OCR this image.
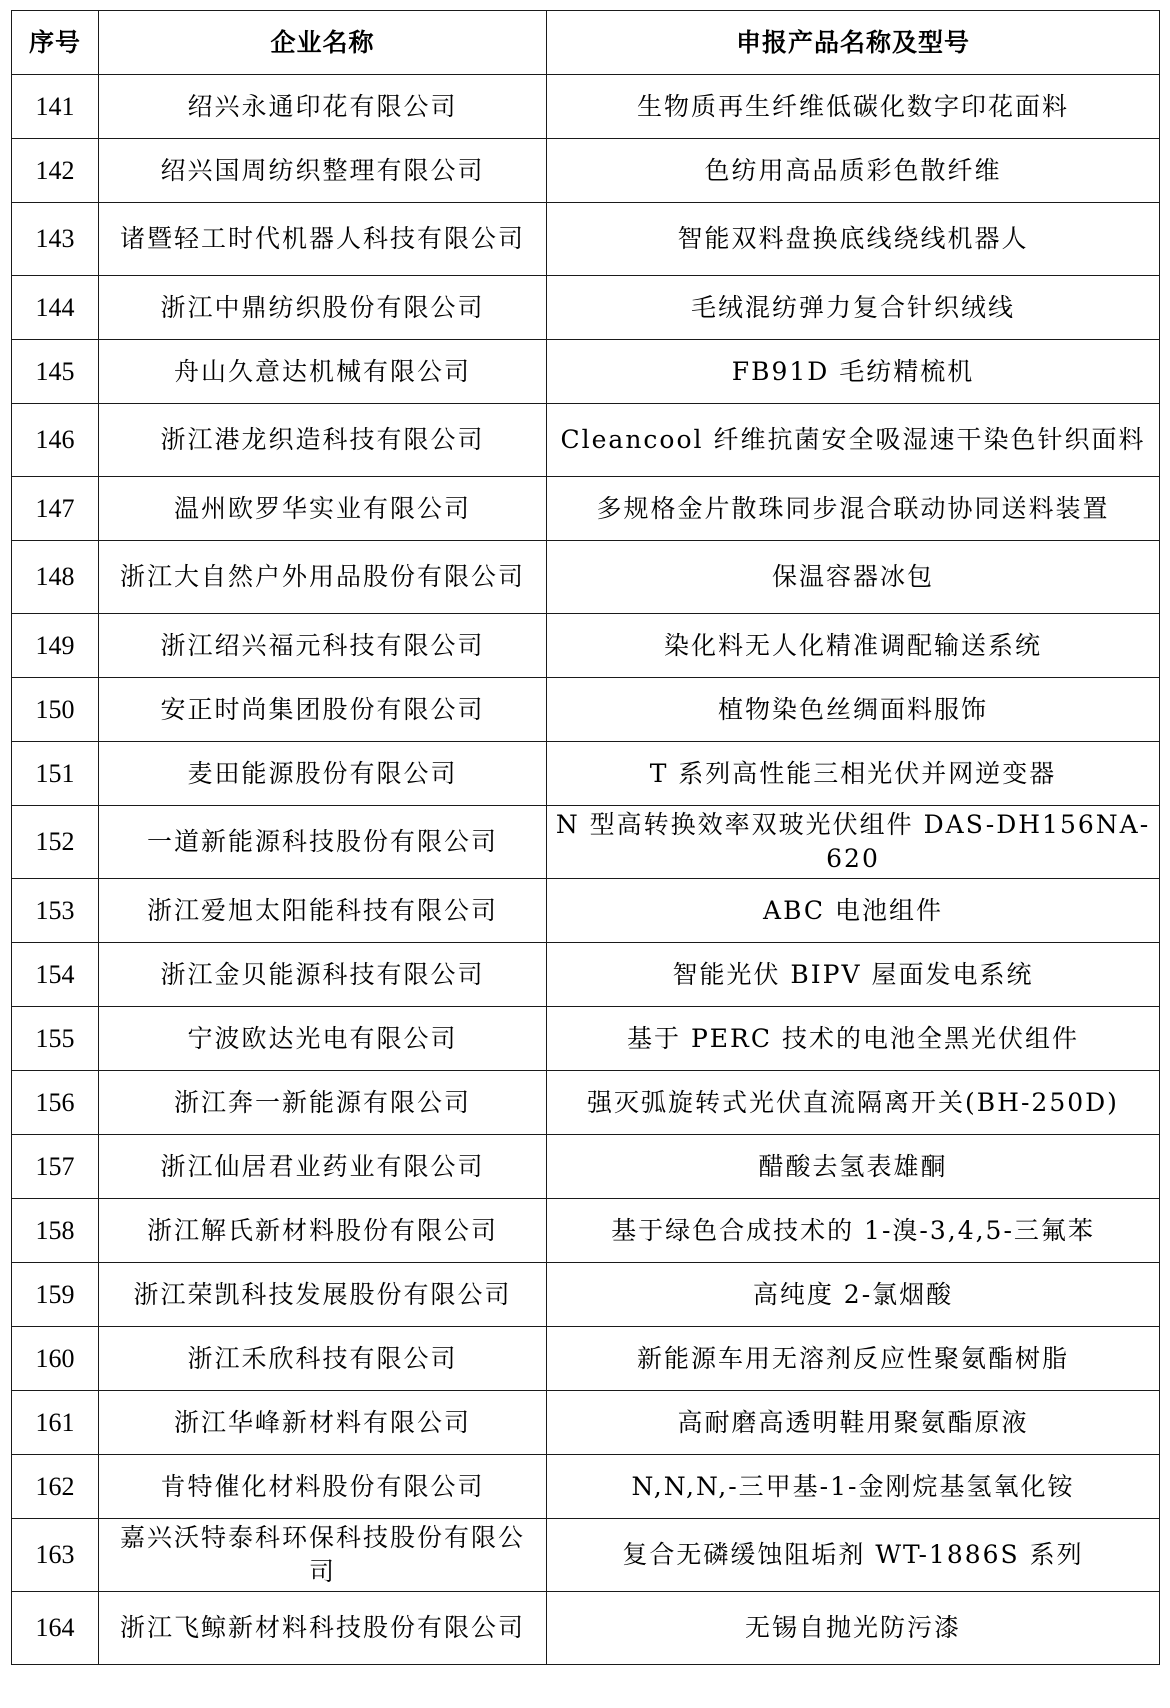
序号	企业名称	申报产品名称及型号
141	绍兴永通印花有限公司	生物质再生纤维低碳化数字印花面料
142	绍兴国周纺织整理有限公司	色纺用高品质彩色散纤维
143	诸暨轻工时代机器人科技有限公司	智能双料盘换底线绕线机器人
144	浙江中鼎纺织股份有限公司	毛绒混纺弹力复合针织绒线
145	舟山久意达机械有限公司	FB91D 毛纺精梳机
146	浙江港龙织造科技有限公司	Cleancool 纤维抗菌安全吸湿速干染色针织面料
147	温州欧罗华实业有限公司	多规格金片散珠同步混合联动协同送料装置
148	浙江大自然户外用品股份有限公司	保温容器冰包
149	浙江绍兴福元科技有限公司	染化料无人化精准调配输送系统
150	安正时尚集团股份有限公司	植物染色丝绸面料服饰
151	麦田能源股份有限公司	T 系列高性能三相光伏并网逆变器
152	一道新能源科技股份有限公司	N 型高转换效率双玻光伏组件 DAS-DH156NA-620
153	浙江爱旭太阳能科技有限公司	ABC 电池组件
154	浙江金贝能源科技有限公司	智能光伏 BIPV 屋面发电系统
155	宁波欧达光电有限公司	基于 PERC 技术的电池全黑光伏组件
156	浙江奔一新能源有限公司	强灭弧旋转式光伏直流隔离开关(BH-250D)
157	浙江仙居君业药业有限公司	醋酸去氢表雄酮
158	浙江解氏新材料股份有限公司	基于绿色合成技术的 1-溴-3,4,5-三氟苯
159	浙江荣凯科技发展股份有限公司	高纯度 2-氯烟酸
160	浙江禾欣科技有限公司	新能源车用无溶剂反应性聚氨酯树脂
161	浙江华峰新材料有限公司	高耐磨高透明鞋用聚氨酯原液
162	肯特催化材料股份有限公司	N,N,N,-三甲基-1-金刚烷基氢氧化铵
163	嘉兴沃特泰科环保科技股份有限公司	复合无磷缓蚀阻垢剂 WT-1886S 系列
164	浙江飞鲸新材料科技股份有限公司	无锡自抛光防污漆
